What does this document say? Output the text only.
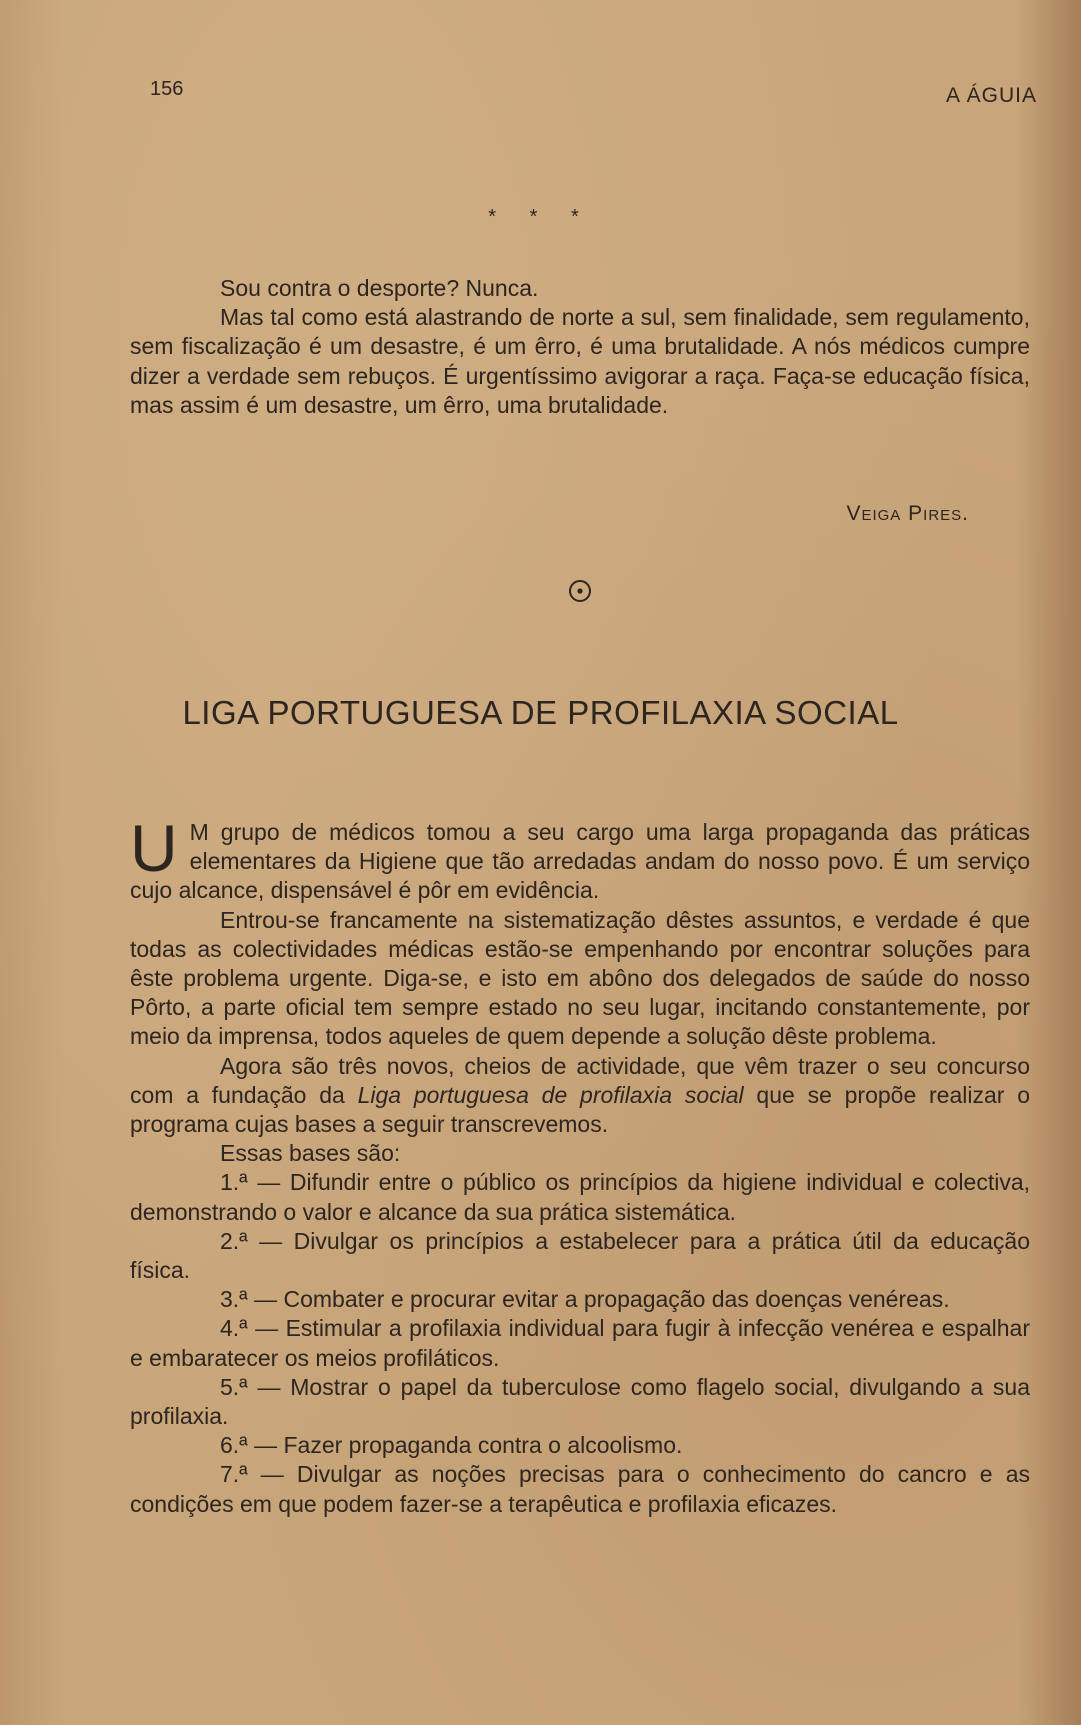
156	A ÁGUIA
* * *

Sou contra o desporte? Nunca.

Mas tal como está alastrando de norte a sul, sem finalidade, sem regulamento, sem fiscalização é um desastre, é um êrro, é uma brutalidade. A nós médicos cumpre dizer a verdade sem rebuços. É urgentíssimo avigorar a raça. Faça-se educação física, mas assim é um desastre, um êrro, uma brutalidade.

Veiga Pires.
LIGA PORTUGUESA DE PROFILAXIA SOCIAL

U M grupo de médicos tomou a seu cargo uma larga propaganda das práticas elementares da Higiene que tão arredadas andam do nosso povo. É um serviço cujo alcance, dispensável é pôr em evidência.

Entrou-se francamente na sistematização dêstes assuntos, e verdade é que todas as colectividades médicas estão-se empenhando por encontrar soluções para êste problema urgente. Diga-se, e isto em abôno dos delegados de saúde do nosso Pôrto, a parte oficial tem sempre estado no seu lugar, incitando constantemente, por meio da imprensa, todos aqueles de quem depende a solução dêste problema.

Agora são três novos, cheios de actividade, que vêm trazer o seu concurso com a fundação da Liga portuguesa de profilaxia social que se propõe realizar o programa cujas bases a seguir transcrevemos.

Essas bases são:

1.ª — Difundir entre o público os princípios da higiene individual e colectiva, demonstrando o valor e alcance da sua prática sistemática.

2.ª — Divulgar os princípios a estabelecer para a prática útil da educação física.

3.ª — Combater e procurar evitar a propagação das doenças venéreas.

4.ª — Estimular a profilaxia individual para fugir à infecção venérea e espalhar e embaratecer os meios profiláticos.

5.ª — Mostrar o papel da tuberculose como flagelo social, divulgando a sua profilaxia.

6.ª — Fazer propaganda contra o alcoolismo.

7.ª — Divulgar as noções precisas para o conhecimento do cancro e as condições em que podem fazer-se a terapêutica e profilaxia eficazes.
